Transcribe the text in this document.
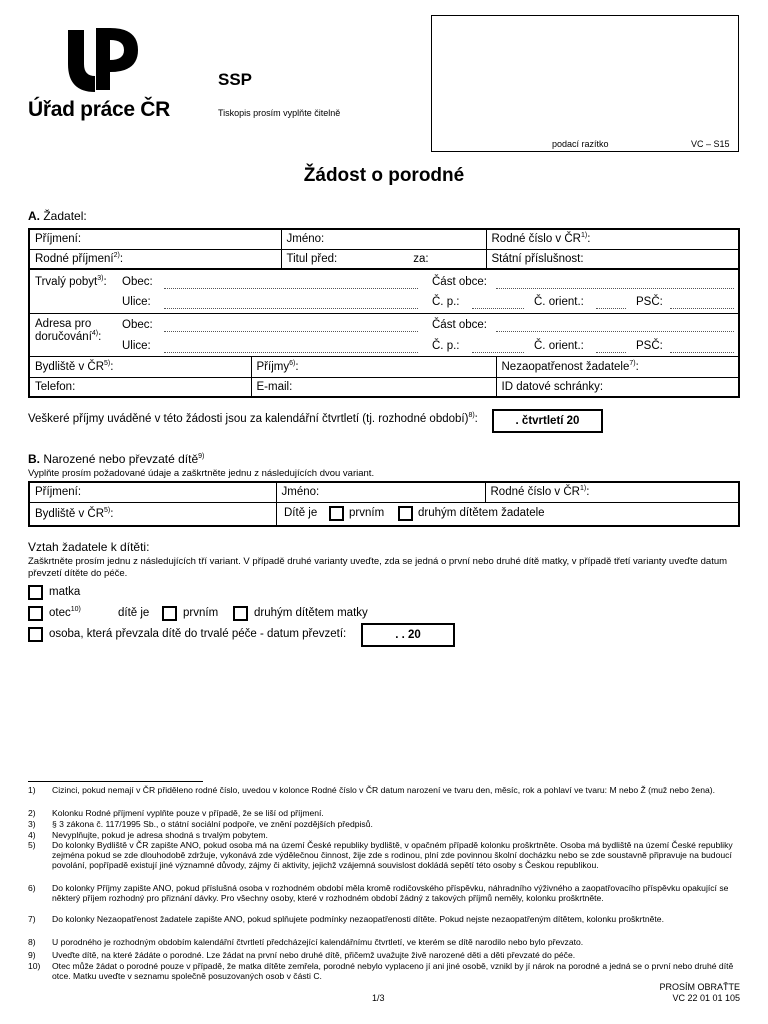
Úřad práce ČR
SSP
Tiskopis prosím vyplňte čitelně
podací razítko	VC – S15
Žádost o porodné
A. Žadatel:
Příjmení:	Jméno:	Rodné číslo v ČR$^{1)}$:
Rodné příjmení$^{2)}$:	Titul před: za:	Státní příslušnost:
Trvalý pobyt$^{3)}$: Obec:	Část obce:
Ulice:	Č. p.:	Č. orient.:	PSČ:
Adresa pro
doručování$^{4)}$:
Obec:	Část obce:
Ulice:	Č. p.:	Č. orient.:	PSČ:
Bydliště v ČR$^{5)}$:	Příjmy$^{6)}$:	Nezaopatřenost žadatele$^{7)}$:
Telefon:	E-mail:	ID datové schránky:
Veškeré příjmy uváděné v této žádosti jsou za kalendářní čtvrtletí (tj. rozhodné období)$^{8)}$:	. čtvrtletí 20
B. Narozené nebo převzaté dítě$^{9)}$
Vyplňte prosím požadované údaje a zaškrtněte jednu z následujících dvou variant.
Příjmení:	Jméno:	Rodné číslo v ČR$^{1)}$:
Bydliště v ČR$^{5)}$:			Dítě je	prvním	druhým dítětem žadatele
Vztah žadatele k dítěti:
Zaškrtněte prosím jednu z následujících tří variant. V případě druhé varianty uveďte, zda se jedná o první nebo druhé dítě matky, v případě třetí varianty uveďte datum převzetí dítěte do péče.
matka
otec$^{10)}$	dítě je	prvním	druhým dítětem matky
osoba, která převzala dítě do trvalé péče - datum převzetí:	. . 20
1)	Cizinci, pokud nemají v ČR přiděleno rodné číslo, uvedou v kolonce Rodné číslo v ČR datum narození ve tvaru den, měsíc, rok a pohlaví ve tvaru: M nebo Ž (muž nebo žena).
2)	Kolonku Rodné příjmení vyplňte pouze v případě, že se liší od příjmení.
3)	§ 3 zákona č. 117/1995 Sb., o státní sociální podpoře, ve znění pozdějších předpisů.
4)	Nevyplňujte, pokud je adresa shodná s trvalým pobytem.
5)	Do kolonky Bydliště v ČR zapište ANO, pokud osoba má na území České republiky bydliště, v opačném případě kolonku proškrtněte. Osoba má bydliště na území České republiky zejména pokud se zde dlouhodobě zdržuje, vykonává zde výdělečnou činnost, žije zde s rodinou, plní zde povinnou školní docházku nebo se zde soustavně připravuje na budoucí povolání, popřípadě existují jiné významné důvody, zájmy či aktivity, jejichž vzájemná souvislost dokládá sepětí této osoby s Českou republikou.
6)	Do kolonky Příjmy zapište ANO, pokud příslušná osoba v rozhodném období měla kromě rodičovského příspěvku, náhradního výživného a zaopatřovacího příspěvku opakující se některý příjem rozhodný pro přiznání dávky. Pro všechny osoby, které v rozhodném období žádný z takových příjmů neměly, kolonku proškrtněte.
7)	Do kolonky Nezaopatřenost žadatele zapište ANO, pokud splňujete podmínky nezaopatřenosti dítěte. Pokud nejste nezaopatřeným dítětem, kolonku proškrtněte.
8)	U porodného je rozhodným obdobím kalendářní čtvrtletí předcházející kalendářnímu čtvrtletí, ve kterém se dítě narodilo nebo bylo převzato.
9)	Uveďte dítě, na které žádáte o porodné. Lze žádat na první nebo druhé dítě, přičemž uvažujte živě narozené děti a děti převzaté do péče.
10)	Otec může žádat o porodné pouze v případě, že matka dítěte zemřela, porodné nebylo vyplaceno jí ani jiné osobě, vznikl by jí nárok na porodné a jedná se o první nebo druhé dítě otce. Matku uveďte v seznamu společně posuzovaných osob v části C.
1/3
PROSÍM OBRAŤTE
VC 22 01 01 105
